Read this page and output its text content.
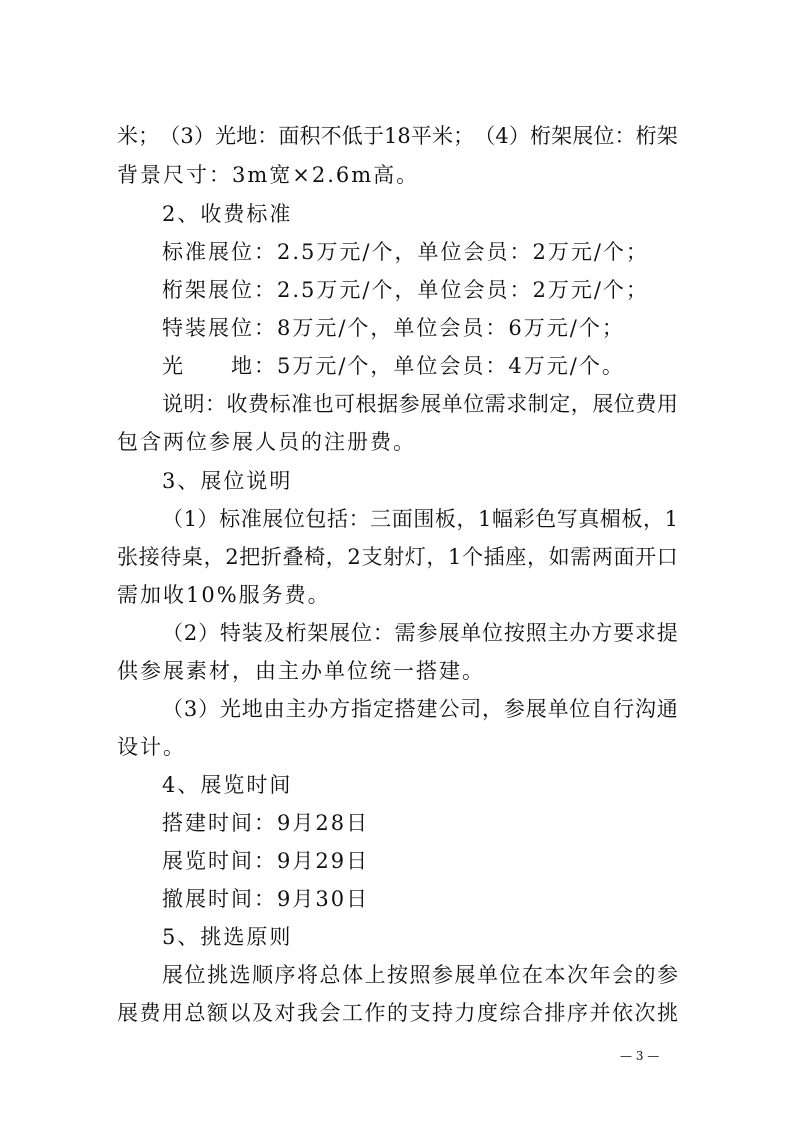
米 ； （ 3 ） 光 地 ： 面 积 不 低 于 18 平 米 ； （ 4 ） 桁 架 展 位 ： 桁 架
背景尺寸：3m宽×2.6m高。
2、收费标准
标准展位：2.5万元/个，单位会员：2万元/个；
桁架展位：2.5万元/个，单位会员：2万元/个；
特装展位：8万元/个，单位会员：6万元/个；
光　　地：5万元/个，单位会员：4万元/个。
说 明 ： 收 费 标 准 也 可 根 据 参 展 单 位 需 求 制 定 ， 展 位 费 用
包含两位参展人员的注册费。
3、展位说明
（ 1 ） 标 准 展 位 包 括 ： 三 面 围 板 ， 1 幅 彩 色 写 真 楣 板 ， 1
张 接 待 桌 ， 2 把 折 叠 椅 ， 2 支 射 灯 ， 1 个 插 座 ， 如 需 两 面 开 口
需加收10%服务费。
（ 2 ） 特 装 及 桁 架 展 位 ： 需 参 展 单 位 按 照 主 办 方 要 求 提
供参展素材，由主办单位统一搭建。
（ 3 ） 光 地 由 主 办 方 指 定 搭 建 公 司 ， 参 展 单 位 自 行 沟 通
设计。
4、展览时间
搭建时间：9月28日
展览时间：9月29日
撤展时间：9月30日
5、挑选原则
展 位 挑 选 顺 序 将 总 体 上 按 照 参 展 单 位 在 本 次 年 会 的 参
展 费 用 总 额 以 及 对 我 会 工 作 的 支 持 力 度 综 合 排 序 并 依 次 挑
— 3 —
